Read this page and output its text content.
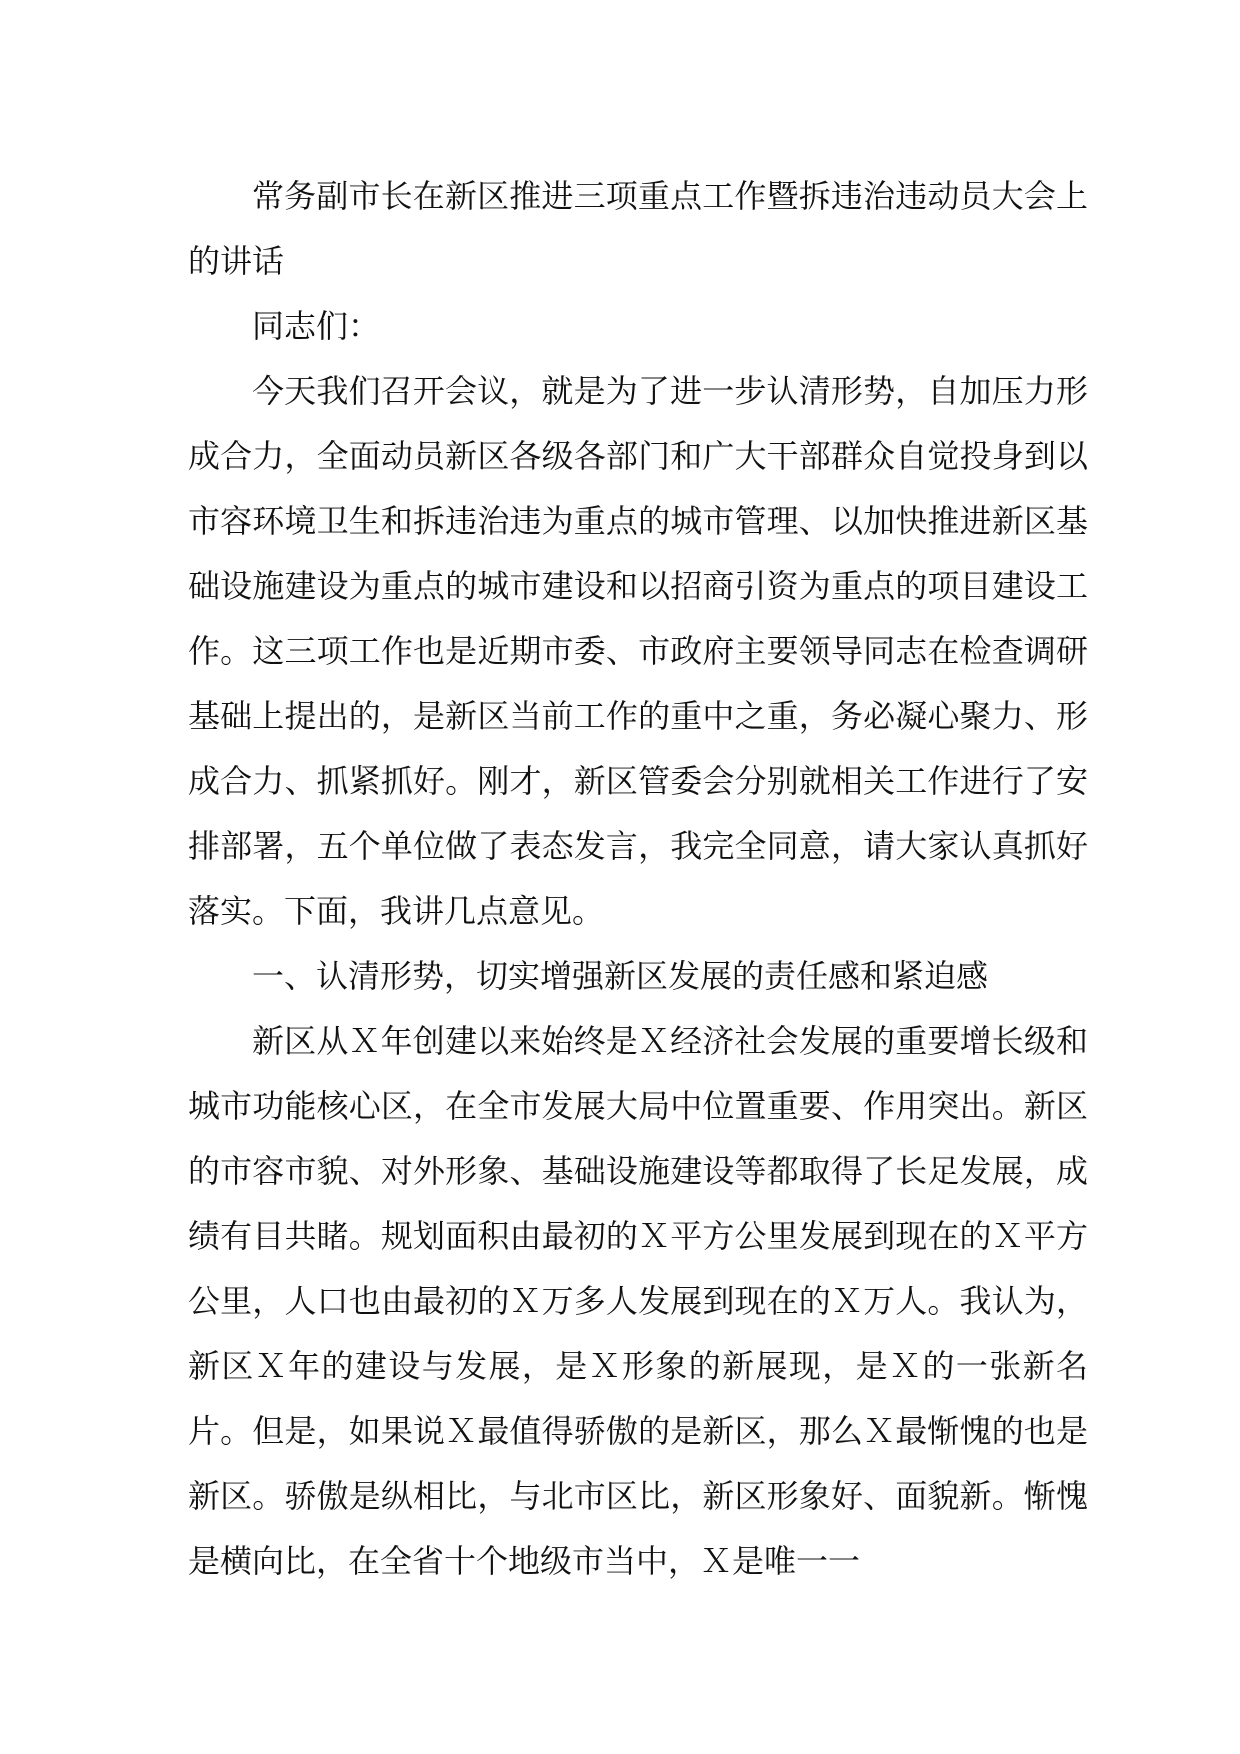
常务副市长在新区推进三项重点工作暨拆违治违动员大会上的讲话

同志们：

今天我们召开会议，就是为了进一步认清形势，自加压力形成合力，全面动员新区各级各部门和广大干部群众自觉投身到以市容环境卫生和拆违治违为重点的城市管理、以加快推进新区基础设施建设为重点的城市建设和以招商引资为重点的项目建设工作。这三项工作也是近期市委、市政府主要领导同志在检查调研基础上提出的，是新区当前工作的重中之重，务必凝心聚力、形成合力、抓紧抓好。刚才，新区管委会分别就相关工作进行了安排部署，五个单位做了表态发言，我完全同意，请大家认真抓好落实。下面，我讲几点意见。

一、认清形势，切实增强新区发展的责任感和紧迫感

新区从Ｘ年创建以来始终是Ｘ经济社会发展的重要增长级和城市功能核心区，在全市发展大局中位置重要、作用突出。新区的市容市貌、对外形象、基础设施建设等都取得了长足发展，成绩有目共睹。规划面积由最初的Ｘ平方公里发展到现在的Ｘ平方公里，人口也由最初的Ｘ万多人发展到现在的Ｘ万人。我认为，新区Ｘ年的建设与发展，是Ｘ形象的新展现，是Ｘ的一张新名片。但是，如果说Ｘ最值得骄傲的是新区，那么Ｘ最惭愧的也是新区。骄傲是纵相比，与北市区比，新区形象好、面貌新。惭愧是横向比，在全省十个地级市当中，Ｘ是唯一一
